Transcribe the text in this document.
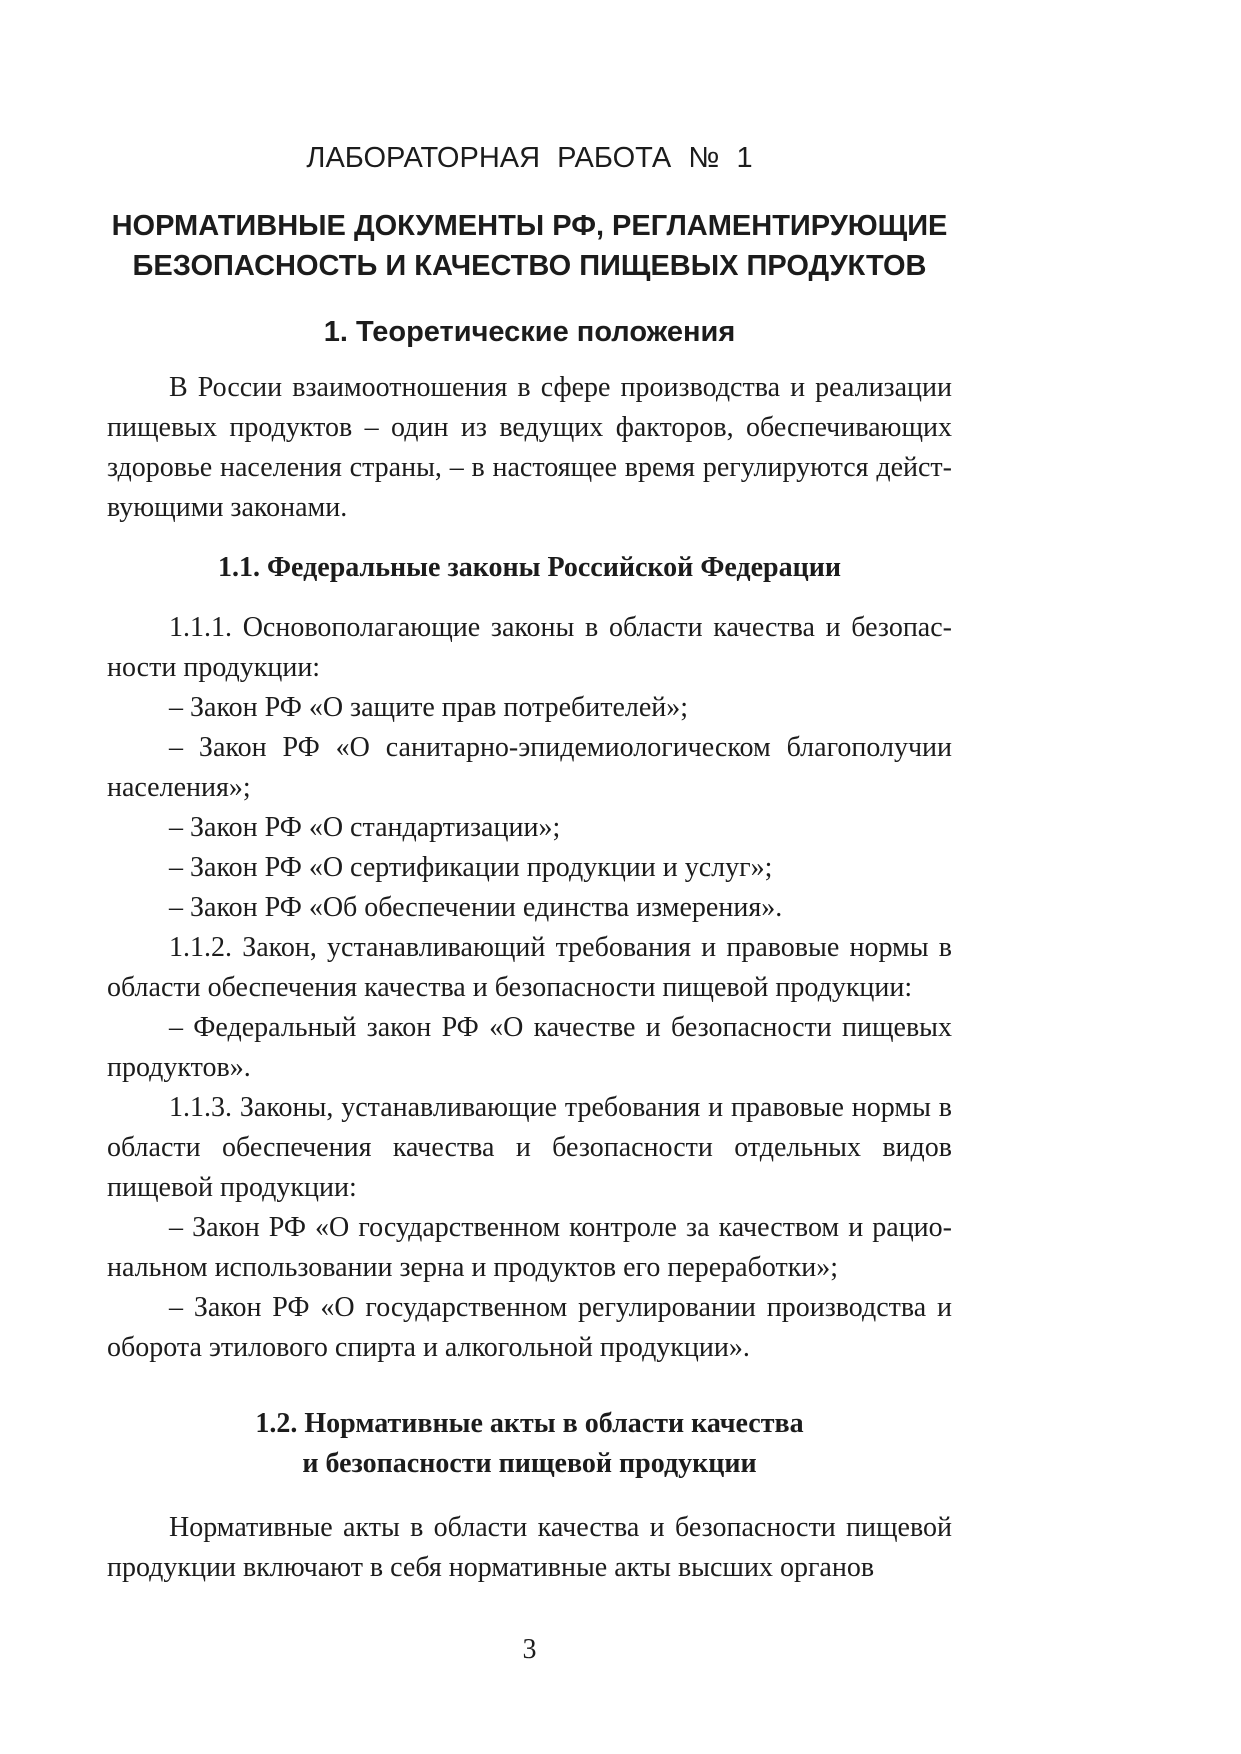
ЛАБОРАТОРНАЯ РАБОТА № 1
НОРМАТИВНЫЕ ДОКУМЕНТЫ РФ, РЕГЛАМЕНТИРУЮЩИЕ
БЕЗОПАСНОСТЬ И КАЧЕСТВО ПИЩЕВЫХ ПРОДУКТОВ
1. Теоретические положения

В России взаимоотношения в сфере производства и реализации пищевых продуктов – один из ведущих факторов, обеспечивающих здоровье населения страны, – в настоящее время регулируются действующими законами.

1.1. Федеральные законы Российской Федерации

1.1.1. Основополагающие законы в области качества и безопасности продукции:

– Закон РФ «О защите прав потребителей»;

– Закон РФ «О санитарно-эпидемиологическом благополучии населения»;

– Закон РФ «О стандартизации»;

– Закон РФ «О сертификации продукции и услуг»;

– Закон РФ «Об обеспечении единства измерения».

1.1.2. Закон, устанавливающий требования и правовые нормы в области обеспечения качества и безопасности пищевой продукции:

– Федеральный закон РФ «О качестве и безопасности пищевых продуктов».

1.1.3. Законы, устанавливающие требования и правовые нормы в области обеспечения качества и безопасности отдельных видов пищевой продукции:

– Закон РФ «О государственном контроле за качеством и рациональном использовании зерна и продуктов его переработки»;

– Закон РФ «О государственном регулировании производства и оборота этилового спирта и алкогольной продукции».

1.2. Нормативные акты в области качества
и безопасности пищевой продукции

Нормативные акты в области качества и безопасности пищевой продукции включают в себя нормативные акты высших органов

3
